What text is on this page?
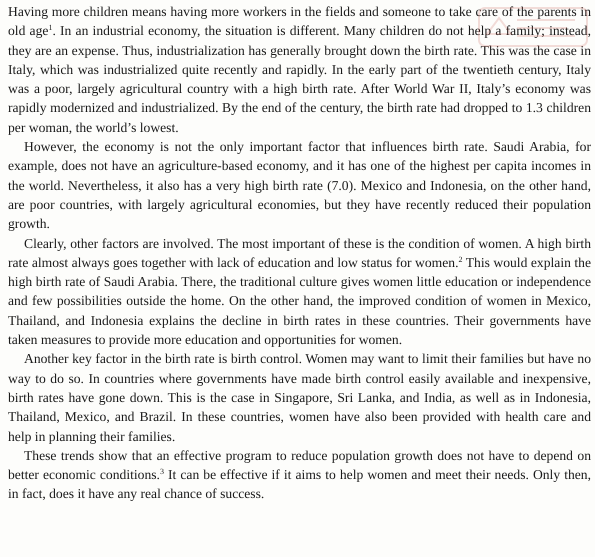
Having more children means having more workers in the fields and someone to take care of the parents in old age$^1$. In an industrial economy, the situation is different. Many children do not help a family; instead, they are an expense. Thus, industrialization has generally brought down the birth rate. This was the case in Italy, which was industrialized quite recently and rapidly. In the early part of the twentieth century, Italy was a poor, largely agricultural country with a high birth rate. After World War II, Italy’s economy was rapidly modernized and industrialized. By the end of the century, the birth rate had dropped to 1.3 children per woman, the world’s lowest.

However, the economy is not the only important factor that influences birth rate. Saudi Arabia, for example, does not have an agriculture-based economy, and it has one of the highest per capita incomes in the world. Nevertheless, it also has a very high birth rate (7.0). Mexico and Indonesia, on the other hand, are poor countries, with largely agricultural economies, but they have recently reduced their population growth.

Clearly, other factors are involved. The most important of these is the condition of women. A high birth rate almost always goes together with lack of education and low status for women.$^2$ This would explain the high birth rate of Saudi Arabia. There, the traditional culture gives women little education or independence and few possibilities outside the home. On the other hand, the improved condition of women in Mexico, Thailand, and Indonesia explains the decline in birth rates in these countries. Their governments have taken measures to provide more education and opportunities for women.

Another key factor in the birth rate is birth control. Women may want to limit their families but have no way to do so. In countries where governments have made birth control easily available and inexpensive, birth rates have gone down. This is the case in Singapore, Sri Lanka, and India, as well as in Indonesia, Thailand, Mexico, and Brazil. In these countries, women have also been provided with health care and help in planning their families.

These trends show that an effective program to reduce population growth does not have to depend on better economic conditions.$^3$ It can be effective if it aims to help women and meet their needs. Only then, in fact, does it have any real chance of success.
